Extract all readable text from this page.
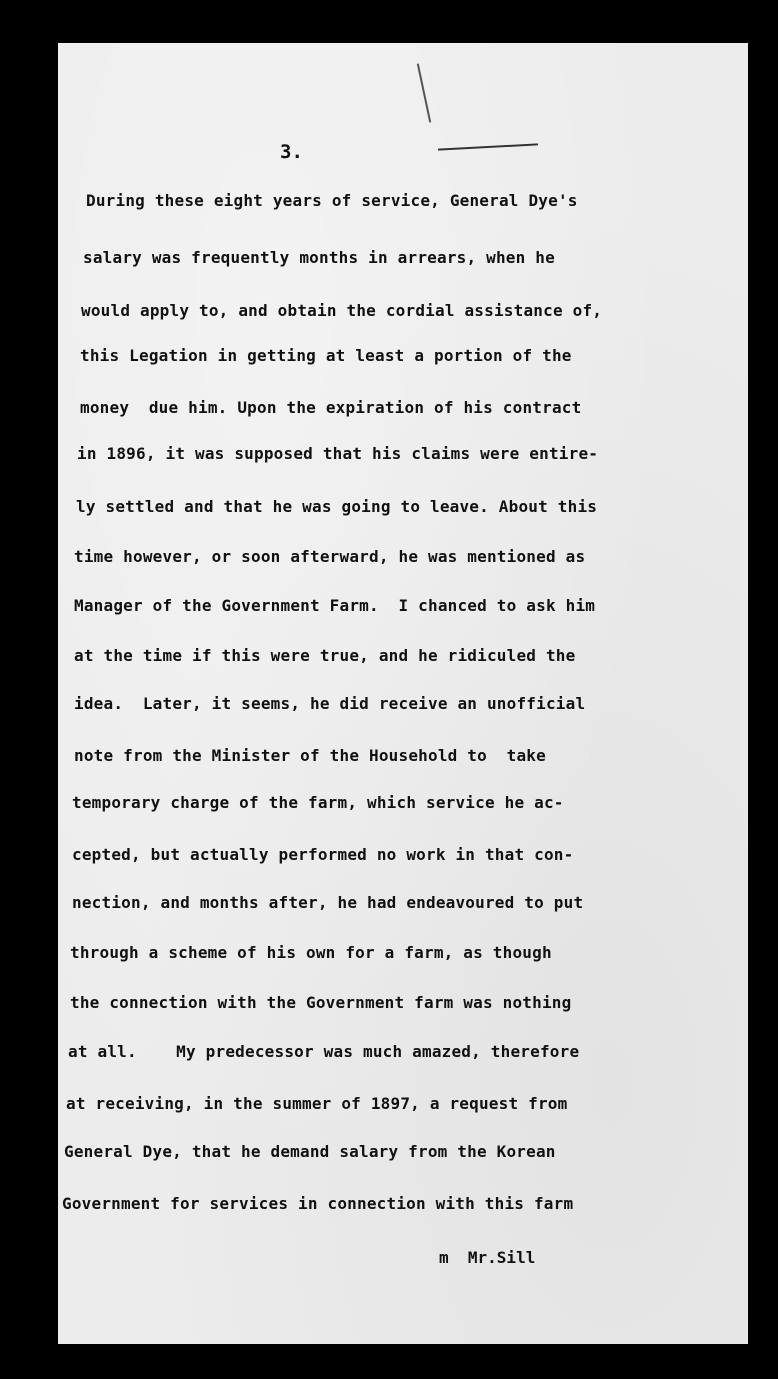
3.
During these eight years of service, General Dye's
salary was frequently months in arrears, when he
would apply to, and obtain the cordial assistance of,
this Legation in getting at least a portion of the
money  due him. Upon the expiration of his contract
in 1896, it was supposed that his claims were entire-
ly settled and that he was going to leave. About this
time however, or soon afterward, he was mentioned as
Manager of the Government Farm.  I chanced to ask him
at the time if this were true, and he ridiculed the
idea.  Later, it seems, he did receive an unofficial
note from the Minister of the Household to  take
temporary charge of the farm, which service he ac-
cepted, but actually performed no work in that con-
nection, and months after, he had endeavoured to put
through a scheme of his own for a farm, as though
the connection with the Government farm was nothing
at all.    My predecessor was much amazed, therefore
at receiving, in the summer of 1897, a request from
General Dye, that he demand salary from the Korean
Government for services in connection with this farm
m  Mr.Sill
